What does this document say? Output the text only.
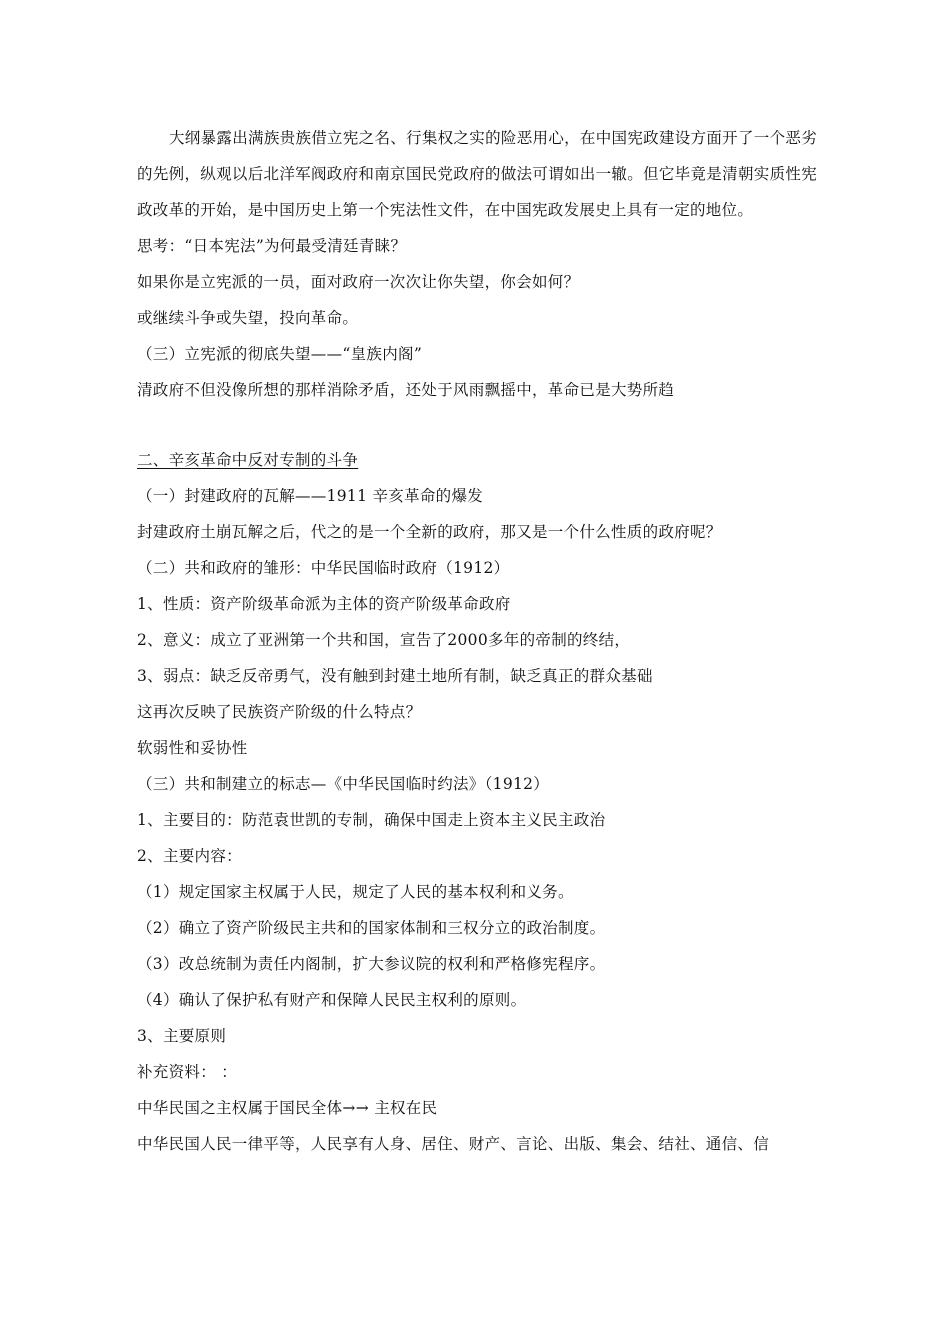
大纲暴露出满族贵族借立宪之名、行集权之实的险恶用心，在中国宪政建设方面开了一个恶劣的先例，纵观以后北洋军阀政府和南京国民党政府的做法可谓如出一辙。但它毕竟是清朝实质性宪政改革的开始，是中国历史上第一个宪法性文件，在中国宪政发展史上具有一定的地位。

思考：“日本宪法”为何最受清廷青睐？
如果你是立宪派的一员，面对政府一次次让你失望，你会如何？
或继续斗争或失望，投向革命。
（三）立宪派的彻底失望——“皇族内阁”
清政府不但没像所想的那样消除矛盾，还处于风雨飘摇中，革命已是大势所趋
二、辛亥革命中反对专制的斗争
（一）封建政府的瓦解——1911 辛亥革命的爆发
封建政府土崩瓦解之后，代之的是一个全新的政府，那又是一个什么性质的政府呢？
（二）共和政府的雏形：中华民国临时政府（1912）
1、性质：资产阶级革命派为主体的资产阶级革命政府
2、意义：成立了亚洲第一个共和国，宣告了2000多年的帝制的终结，
3、弱点：缺乏反帝勇气，没有触到封建土地所有制，缺乏真正的群众基础
这再次反映了民族资产阶级的什么特点？
软弱性和妥协性
（三）共和制建立的标志—《中华民国临时约法》（1912）
1、主要目的：防范袁世凯的专制，确保中国走上资本主义民主政治
2、主要内容：
（1）规定国家主权属于人民，规定了人民的基本权利和义务。
（2）确立了资产阶级民主共和的国家体制和三权分立的政治制度。
（3）改总统制为责任内阁制，扩大参议院的权利和严格修宪程序。
（4）确认了保护私有财产和保障人民民主权利的原则。
3、主要原则
补充资料： ：
中华民国之主权属于国民全体→→ 主权在民
中华民国人民一律平等，人民享有人身、居住、财产、言论、出版、集会、结社、通信、信
